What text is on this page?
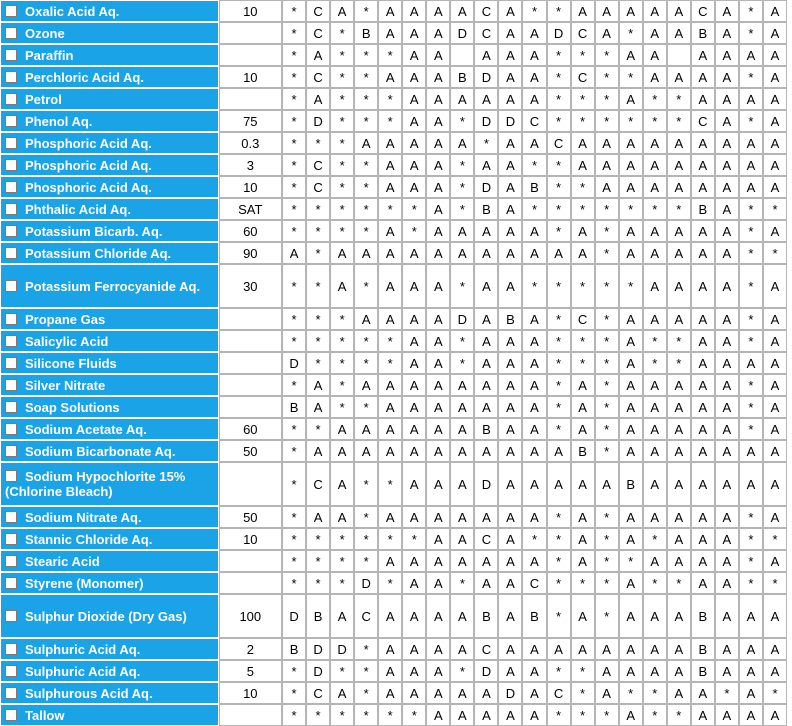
Oxalic Acid Aq.	10	*	C	A	*	A	A	A	A	C	A	*	*	A	A	A	A	A	C	A	*	A
Ozone		*	C	*	B	A	A	A	D	C	A	A	D	C	A	*	A	A	B	A	*	A
Paraffin		*	A	*	*	*	A	A		A	A	A	*	*	*	A	A		A	A	A	A
Perchloric Acid Aq.	10	*	C	*	*	A	A	A	B	D	A	A	*	C	*	*	A	A	A	A	*	A
Petrol		*	A	*	*	*	A	A	A	A	A	A	*	*	*	A	*	*	A	A	A	A
Phenol Aq.	75	*	D	*	*	*	A	A	*	D	D	C	*	*	*	*	*	*	C	A	*	A
Phosphoric Acid Aq.	0.3	*	*	*	A	A	A	A	A	*	A	A	C	A	A	A	A	A	A	A	A	A
Phosphoric Acid Aq.	3	*	C	*	*	A	A	A	*	A	A	*	*	A	A	A	A	A	A	A	A	A
Phosphoric Acid Aq.	10	*	C	*	*	A	A	A	*	D	A	B	*	*	A	A	A	A	A	A	A	A
Phthalic Acid Aq.	SAT	*	*	*	*	*	*	A	*	B	A	*	*	*	*	*	*	*	B	A	*	*
Potassium Bicarb. Aq.	60	*	*	*	*	A	*	A	A	A	A	A	*	A	*	A	A	A	A	A	*	A
Potassium Chloride Aq.	90	A	*	A	A	A	A	A	A	A	A	A	A	A	*	A	A	A	A	A	*	*
Potassium Ferrocyanide Aq.	30	*	*	A	*	A	A	A	*	A	A	*	*	*	*	*	A	A	A	A	*	A
Propane Gas		*	*	*	A	A	A	A	D	A	B	A	*	C	*	A	A	A	A	A	*	A
Salicylic Acid		*	*	*	*	*	A	A	*	A	A	A	*	*	*	A	*	*	A	A	*	A
Silicone Fluids		D	*	*	*	*	A	A	*	A	A	A	*	*	*	A	*	*	A	A	A	A
Silver Nitrate		*	A	*	A	A	A	A	A	A	A	A	*	A	*	A	A	A	A	A	*	A
Soap Solutions		B	A	*	*	A	A	A	A	A	A	A	*	A	*	A	A	A	A	A	*	A
Sodium Acetate Aq.	60	*	*	A	A	A	A	A	A	B	A	A	*	A	*	A	A	A	A	A	*	A
Sodium Bicarbonate Aq.	50	*	A	A	A	A	A	A	A	A	A	A	A	B	*	A	A	A	A	A	A	A
Sodium Hypochlorite 15% (Chlorine Bleach)		*	C	A	*	*	A	A	A	D	A	A	A	A	A	B	A	A	A	A	A	A
Sodium Nitrate Aq.	50	*	A	A	*	A	A	A	A	A	A	A	*	A	*	A	A	A	A	A	*	A
Stannic Chloride Aq.	10	*	*	*	*	*	*	A	A	C	A	*	*	A	*	A	*	A	A	A	*	*
Stearic Acid		*	*	*	*	A	A	A	A	A	A	A	*	A	*	*	A	A	A	A	*	A
Styrene (Monomer)		*	*	*	D	*	A	A	*	A	A	C	*	*	*	A	*	*	A	A	*	*
Sulphur Dioxide (Dry Gas)	100	D	B	A	C	A	A	A	A	B	A	B	*	A	*	A	A	A	B	A	A	A
Sulphuric Acid Aq.	2	B	D	D	*	A	A	A	A	C	A	A	A	A	A	A	A	A	B	A	A	A
Sulphuric Acid Aq.	5	*	D	*	*	A	A	A	*	D	A	A	*	*	A	A	A	A	B	A	A	A
Sulphurous Acid Aq.	10	*	C	A	*	A	A	A	A	A	D	A	C	*	A	*	*	A	A	*	A	*
Tallow		*	*	*	*	*	*	A	A	A	A	A	*	*	*	A	*	*	A	A	A	A
